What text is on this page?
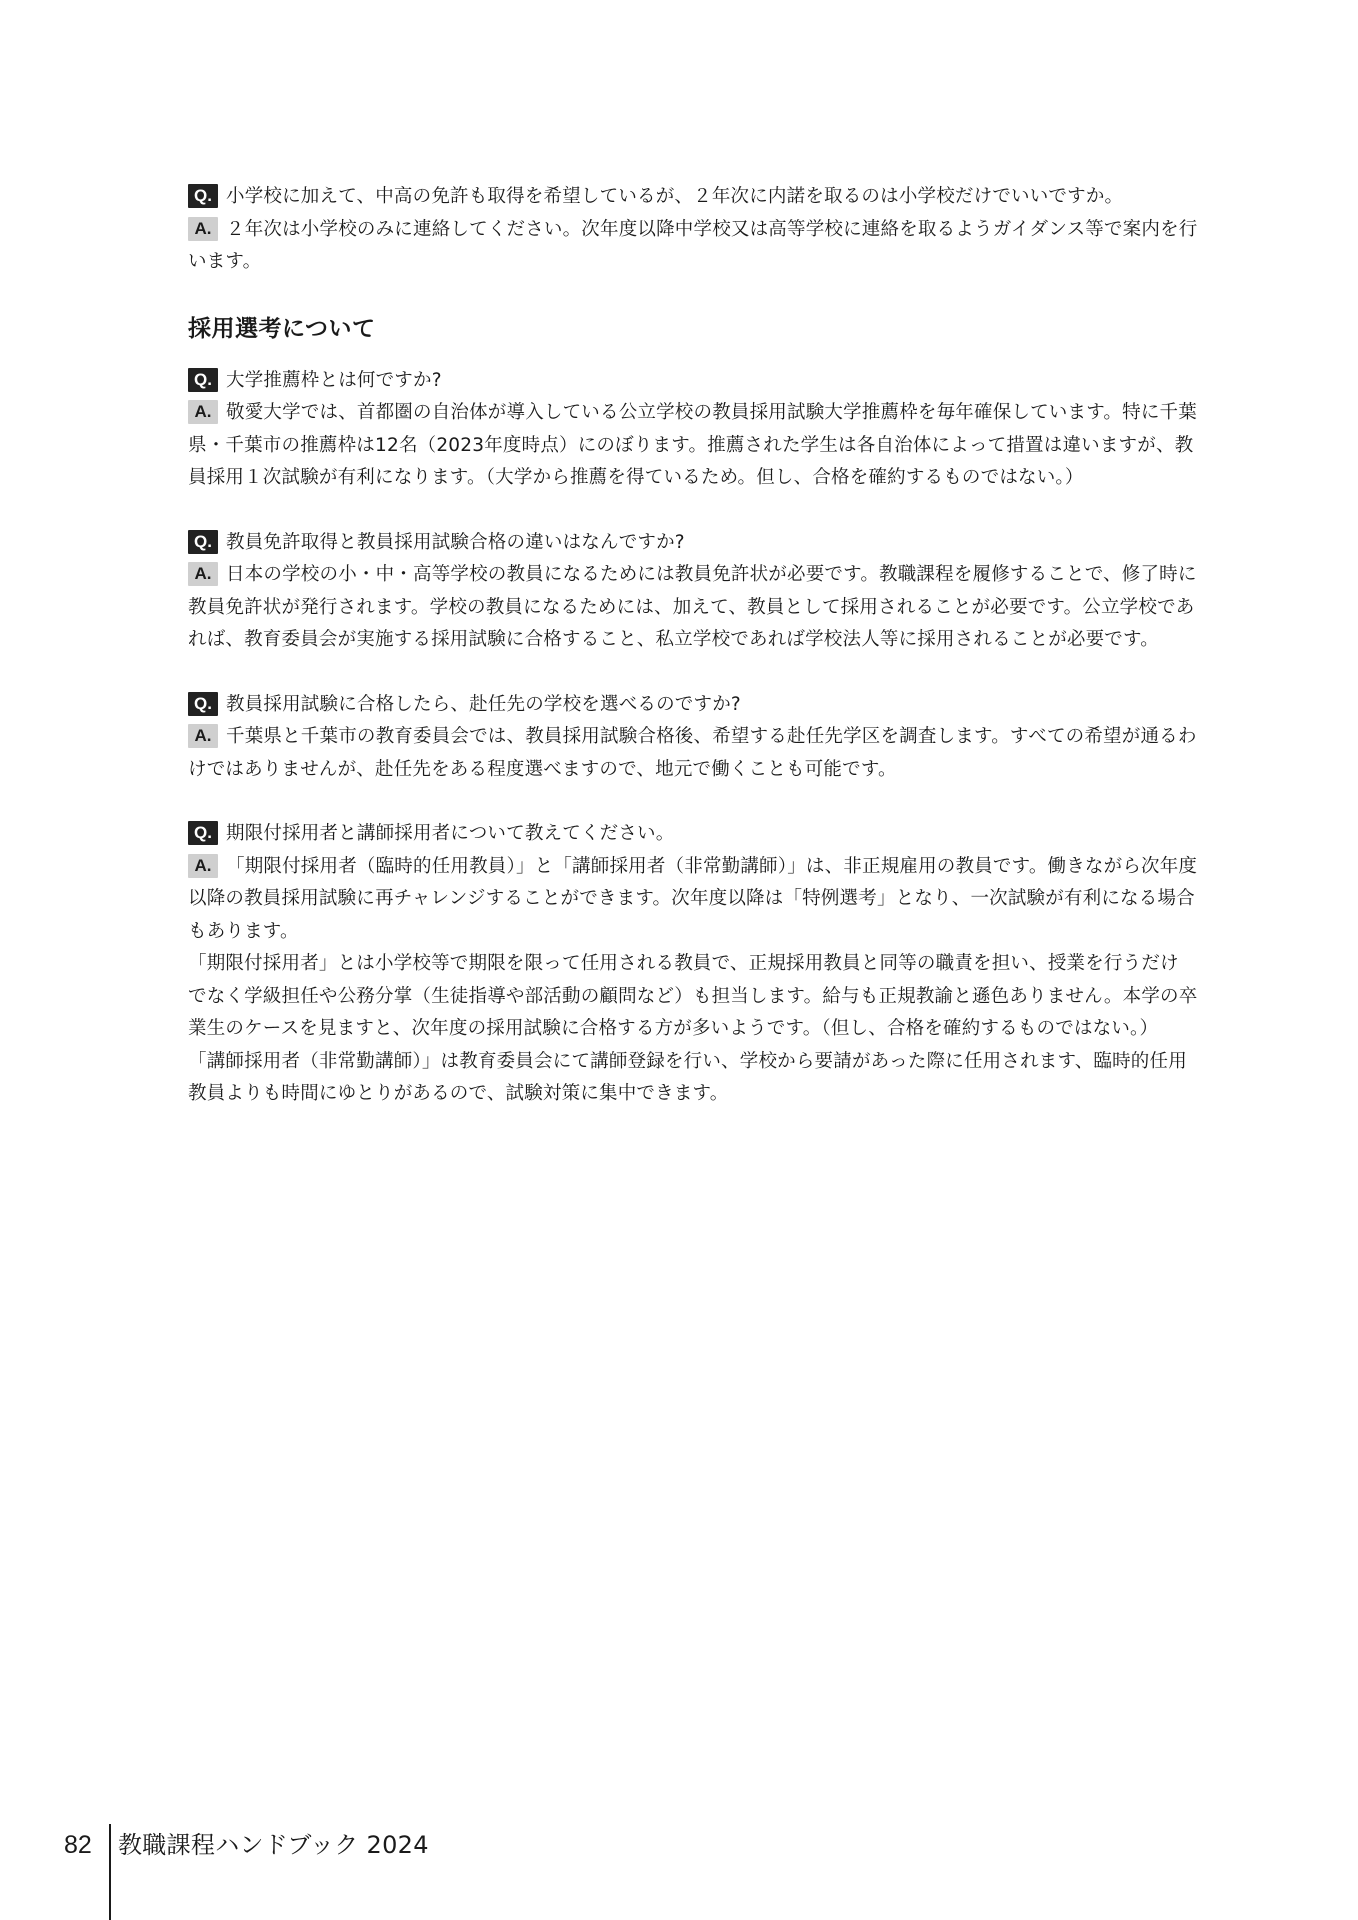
Q. 小学校に加えて、中高の免許も取得を希望しているが、２年次に内諾を取るのは小学校だけでいいですか。
A. ２年次は小学校のみに連絡してください。次年度以降中学校又は高等学校に連絡を取るようガイダンス等で案内を行
います。
採用選考について
Q. 大学推薦枠とは何ですか?
A. 敬愛大学では、首都圏の自治体が導入している公立学校の教員採用試験大学推薦枠を毎年確保しています。特に千葉
県・千葉市の推薦枠は12名（2023年度時点）にのぼります。推薦された学生は各自治体によって措置は違いますが、教
員採用１次試験が有利になります。（大学から推薦を得ているため。但し、合格を確約するものではない。）
Q. 教員免許取得と教員採用試験合格の違いはなんですか?
A. 日本の学校の小・中・高等学校の教員になるためには教員免許状が必要です。教職課程を履修することで、修了時に
教員免許状が発行されます。学校の教員になるためには、加えて、教員として採用されることが必要です。公立学校であ
れば、教育委員会が実施する採用試験に合格すること、私立学校であれば学校法人等に採用されることが必要です。
Q. 教員採用試験に合格したら、赴任先の学校を選べるのですか?
A. 千葉県と千葉市の教育委員会では、教員採用試験合格後、希望する赴任先学区を調査します。すべての希望が通るわ
けではありませんが、赴任先をある程度選べますので、地元で働くことも可能です。
Q. 期限付採用者と講師採用者について教えてください。
A. 「期限付採用者（臨時的任用教員）」と「講師採用者（非常勤講師）」は、非正規雇用の教員です。働きながら次年度
以降の教員採用試験に再チャレンジすることができます。次年度以降は「特例選考」となり、一次試験が有利になる場合
もあります。
「期限付採用者」とは小学校等で期限を限って任用される教員で、正規採用教員と同等の職責を担い、授業を行うだけ
でなく学級担任や公務分掌（生徒指導や部活動の顧問など）も担当します。給与も正規教諭と遜色ありません。本学の卒
業生のケースを見ますと、次年度の採用試験に合格する方が多いようです。（但し、合格を確約するものではない。）
「講師採用者（非常勤講師）」は教育委員会にて講師登録を行い、学校から要請があった際に任用されます、臨時的任用
教員よりも時間にゆとりがあるので、試験対策に集中できます。
82 教職課程ハンドブック 2024
